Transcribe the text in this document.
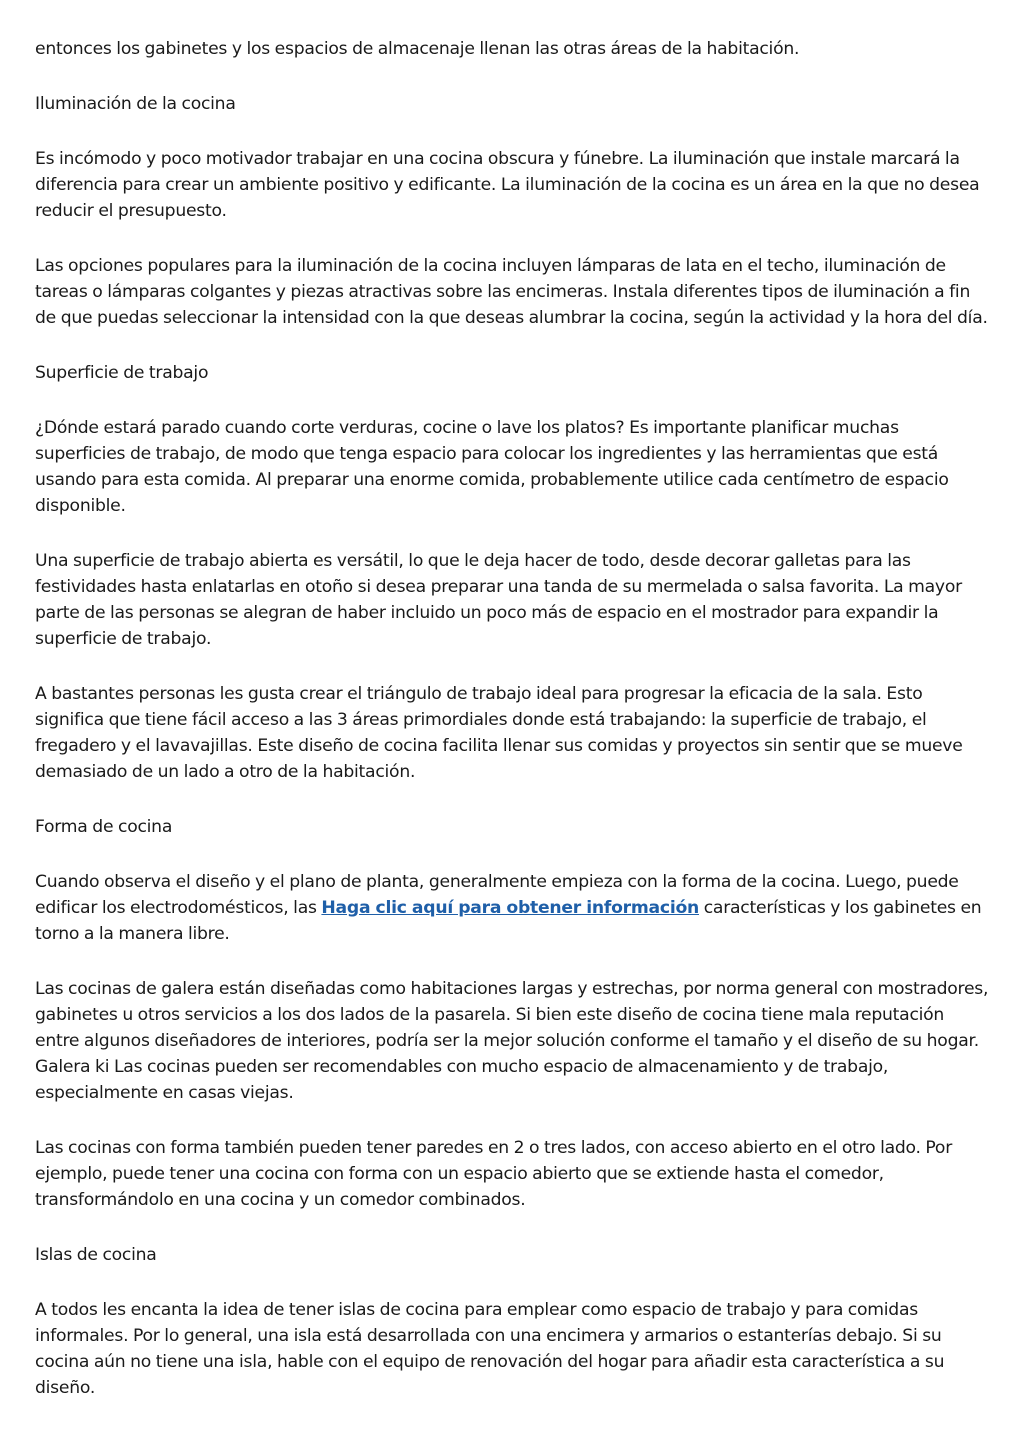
entonces los gabinetes y los espacios de almacenaje llenan las otras áreas de la habitación.

Iluminación de la cocina

Es incómodo y poco motivador trabajar en una cocina obscura y fúnebre. La iluminación que instale marcará la diferencia para crear un ambiente positivo y edificante. La iluminación de la cocina es un área en la que no desea reducir el presupuesto.

Las opciones populares para la iluminación de la cocina incluyen lámparas de lata en el techo, iluminación de tareas o lámparas colgantes y piezas atractivas sobre las encimeras. Instala diferentes tipos de iluminación a fin de que puedas seleccionar la intensidad con la que deseas alumbrar la cocina, según la actividad y la hora del día.

Superficie de trabajo

¿Dónde estará parado cuando corte verduras, cocine o lave los platos? Es importante planificar muchas superficies de trabajo, de modo que tenga espacio para colocar los ingredientes y las herramientas que está usando para esta comida. Al preparar una enorme comida, probablemente utilice cada centímetro de espacio disponible.

Una superficie de trabajo abierta es versátil, lo que le deja hacer de todo, desde decorar galletas para las festividades hasta enlatarlas en otoño si desea preparar una tanda de su mermelada o salsa favorita. La mayor parte de las personas se alegran de haber incluido un poco más de espacio en el mostrador para expandir la superficie de trabajo.

A bastantes personas les gusta crear el triángulo de trabajo ideal para progresar la eficacia de la sala. Esto significa que tiene fácil acceso a las 3 áreas primordiales donde está trabajando: la superficie de trabajo, el fregadero y el lavavajillas. Este diseño de cocina facilita llenar sus comidas y proyectos sin sentir que se mueve demasiado de un lado a otro de la habitación.

Forma de cocina

Cuando observa el diseño y el plano de planta, generalmente empieza con la forma de la cocina. Luego, puede edificar los electrodomésticos, las Haga clic aquí para obtener información características y los gabinetes en torno a la manera libre.

Las cocinas de galera están diseñadas como habitaciones largas y estrechas, por norma general con mostradores, gabinetes u otros servicios a los dos lados de la pasarela. Si bien este diseño de cocina tiene mala reputación entre algunos diseñadores de interiores, podría ser la mejor solución conforme el tamaño y el diseño de su hogar. Galera ki Las cocinas pueden ser recomendables con mucho espacio de almacenamiento y de trabajo, especialmente en casas viejas.

Las cocinas con forma también pueden tener paredes en 2 o tres lados, con acceso abierto en el otro lado. Por ejemplo, puede tener una cocina con forma con un espacio abierto que se extiende hasta el comedor, transformándolo en una cocina y un comedor combinados.

Islas de cocina

A todos les encanta la idea de tener islas de cocina para emplear como espacio de trabajo y para comidas informales. Por lo general, una isla está desarrollada con una encimera y armarios o estanterías debajo. Si su cocina aún no tiene una isla, hable con el equipo de renovación del hogar para añadir esta característica a su diseño.
